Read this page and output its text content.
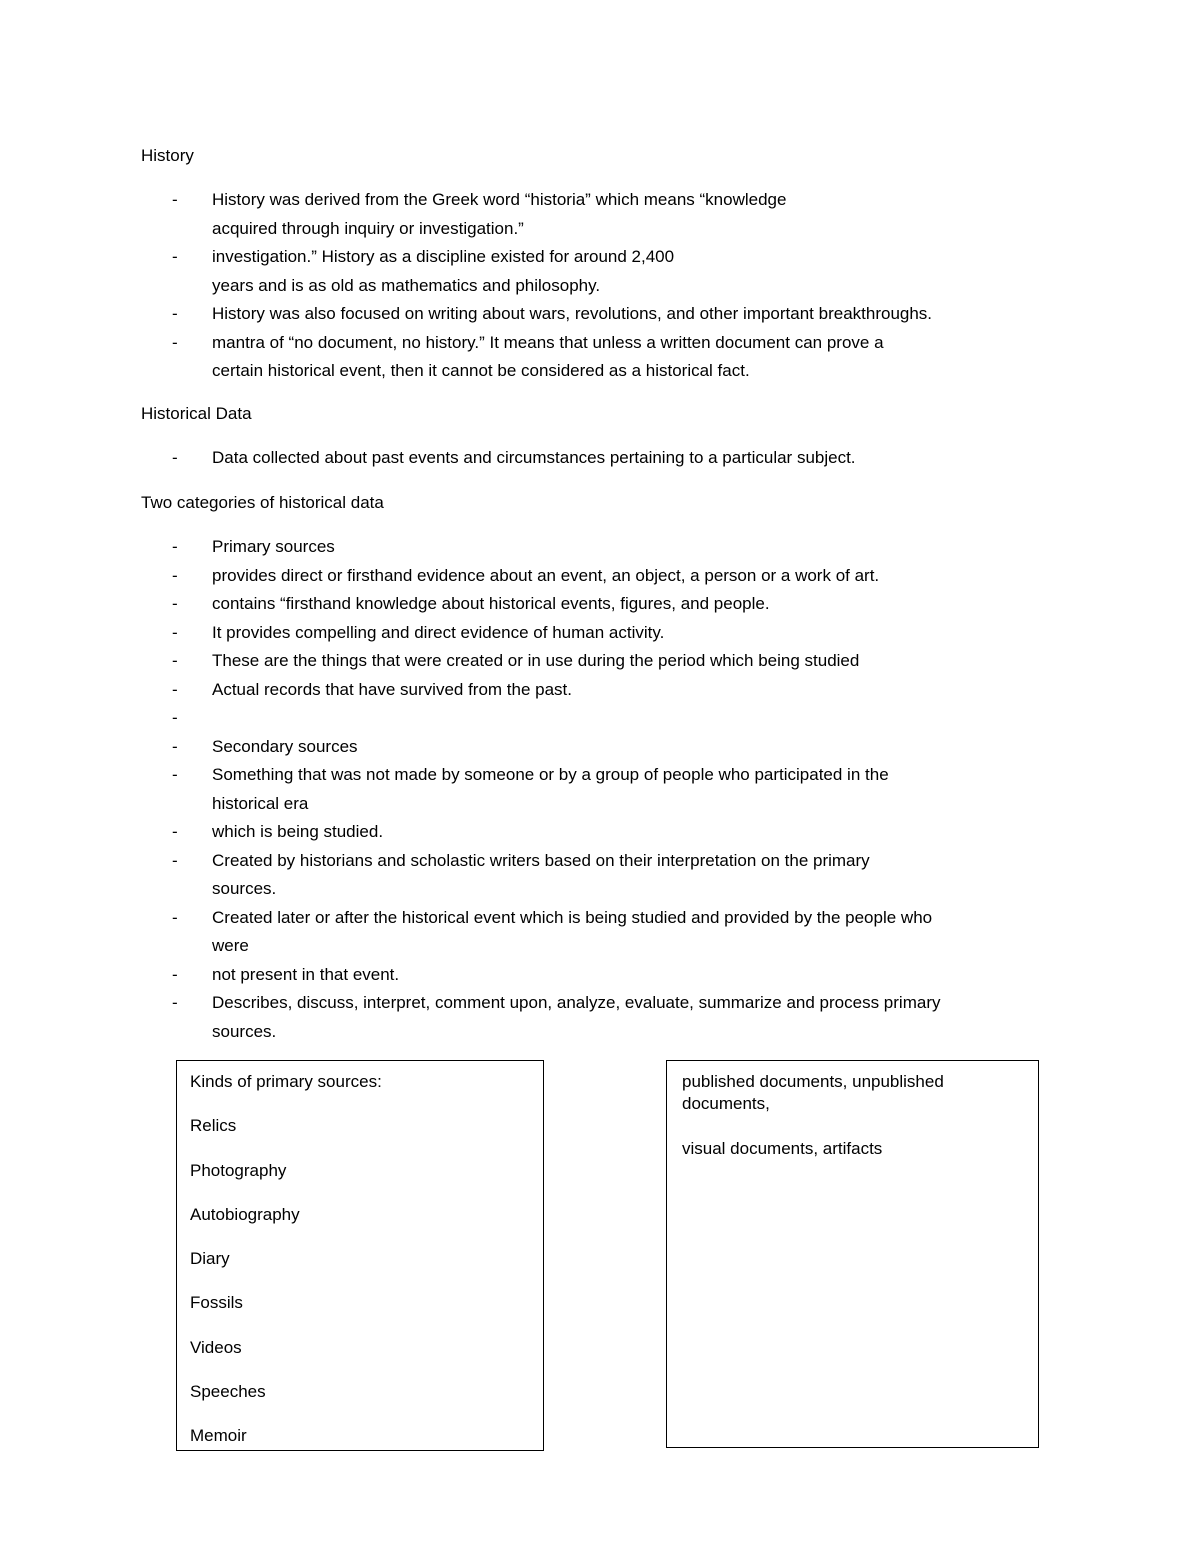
History
-	History was derived from the Greek word “historia” which means “knowledge
acquired through inquiry or investigation.”
-	investigation.” History as a discipline existed for around 2,400
years and is as old as mathematics and philosophy.
-	History was also focused on writing about wars, revolutions, and other important breakthroughs.
-	mantra of “no document, no history.” It means that unless a written document can prove a
certain historical event, then it cannot be considered as a historical fact.
Historical Data
-	Data collected about past events and circumstances pertaining to a particular subject.
Two categories of historical data
-	Primary sources
-	provides direct or firsthand evidence about an event, an object, a person or a work of art.
-	contains “firsthand knowledge about historical events, figures, and people.
-	It provides compelling and direct evidence of human activity.
-	These are the things that were created or in use during the period which being studied
-	Actual records that have survived from the past.
-

-	Secondary sources
-	Something that was not made by someone or by a group of people who participated in the
historical era
-	which is being studied.
-	Created by historians and scholastic writers based on their interpretation on the primary
sources.
-	Created later or after the historical event which is being studied and provided by the people who
were
-	not present in that event.
-	Describes, discuss, interpret, comment upon, analyze, evaluate, summarize and process primary
sources.

Kinds of primary sources:

Relics

Photography

Autobiography

Diary

Fossils

Videos

Speeches

Memoir

published documents, unpublished documents,

visual documents, artifacts
